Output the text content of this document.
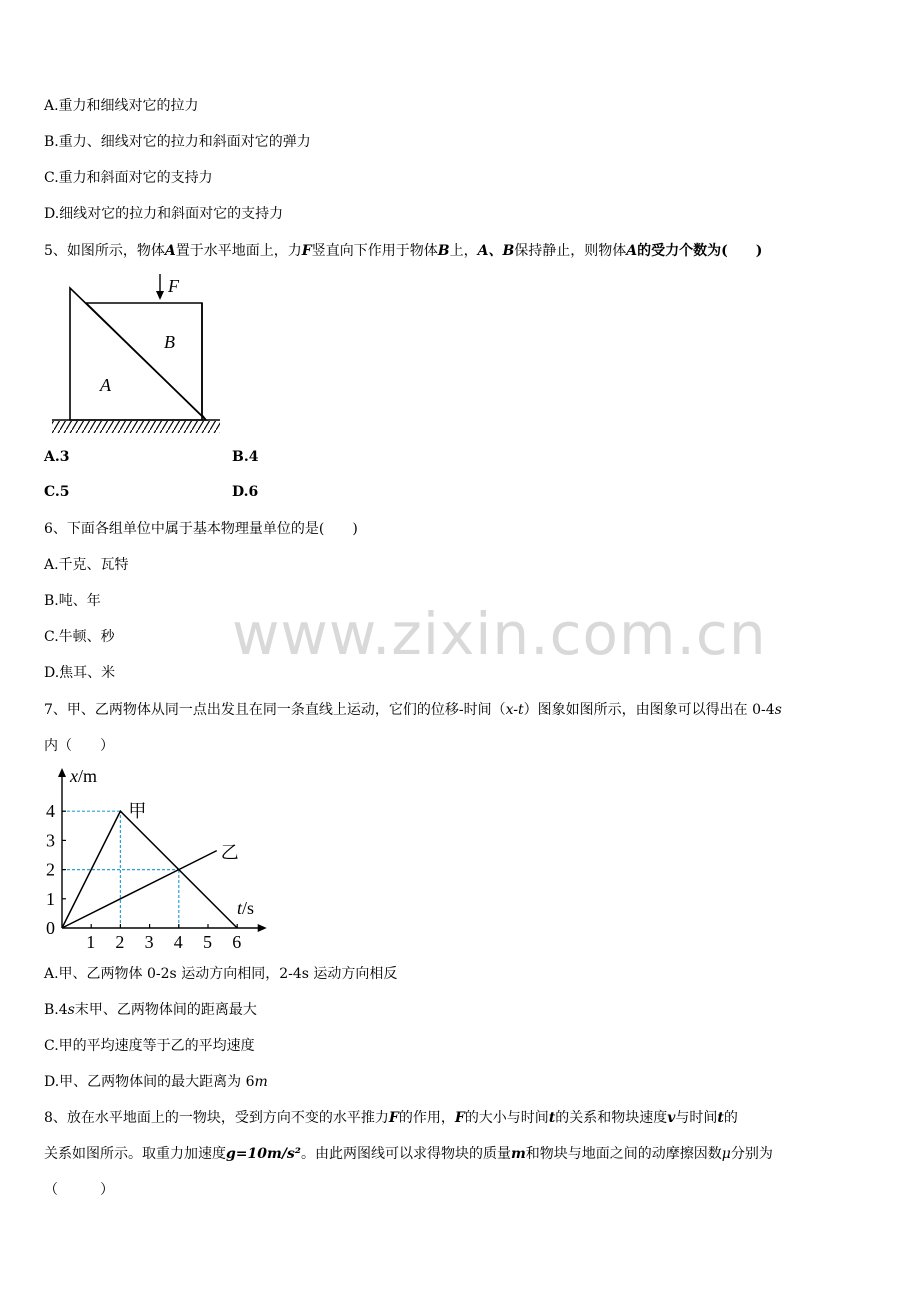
www.zixin.com.cn
A.重力和细线对它的拉力
B.重力、细线对它的拉力和斜面对它的弹力
C.重力和斜面对它的支持力
D.细线对它的拉力和斜面对它的支持力
5、如图所示，物体A置于水平地面上，力F竖直向下作用于物体B上，A、B保持静止，则物体A的受力个数为(　　)
F
B
A
A.3	B.4
C.5	D.6
6、下面各组单位中属于基本物理量单位的是(　　)
A.千克、瓦特
B.吨、年
C.牛顿、秒
D.焦耳、米
7、甲、乙两物体从同一点出发且在同一条直线上运动，它们的位移-时间（x-t）图象如图所示，由图象可以得出在 0-4s
内（　　）
甲
乙
x/m
t/s
0
1 2 3 4 5 6
1
2
3
4
A.甲、乙两物体 0-2s 运动方向相同，2-4s 运动方向相反
B.4s末甲、乙两物体间的距离最大
C.甲的平均速度等于乙的平均速度
D.甲、乙两物体间的最大距离为 6m
8、放在水平地面上的一物块，受到方向不变的水平推力F的作用，F的大小与时间t的关系和物块速度v与时间t的
关系如图所示。取重力加速度g=10m/s²。由此两图线可以求得物块的质量m和物块与地面之间的动摩擦因数μ分别为
（　　　）
